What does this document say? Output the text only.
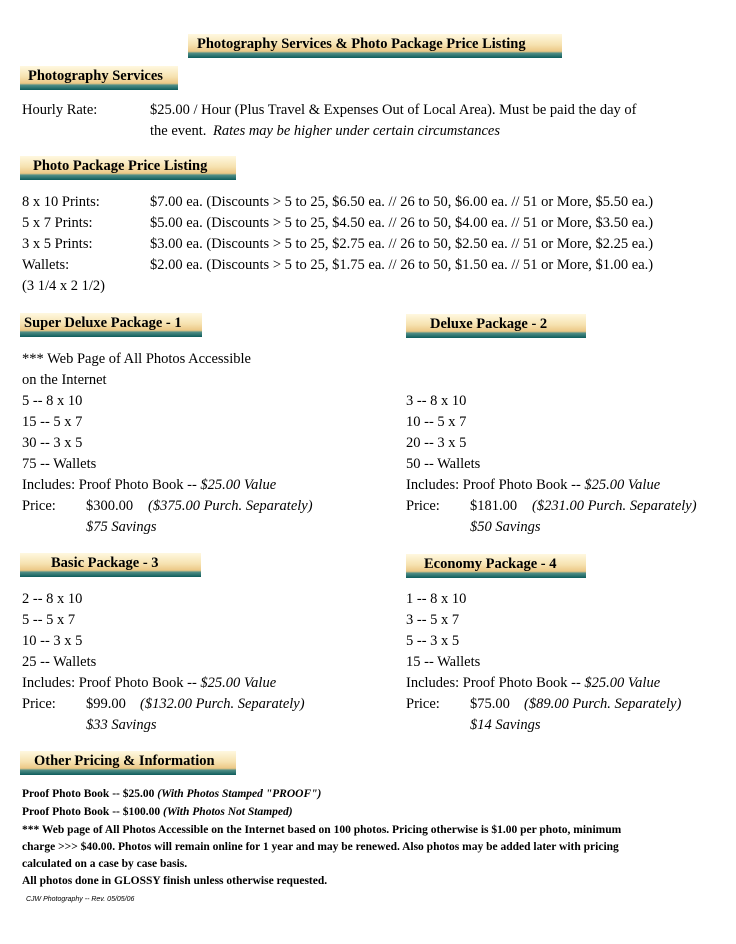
Photography Services & Photo Package Price Listing
Photography Services
Hourly Rate:	$25.00 / Hour (Plus Travel & Expenses Out of Local Area). Must be paid the day of
the event. Rates may be higher under certain circumstances
Photo Package Price Listing
8 x 10 Prints:	$7.00 ea. (Discounts > 5 to 25, $6.50 ea. // 26 to 50, $6.00 ea. // 51 or More, $5.50 ea.)
5 x 7 Prints:	$5.00 ea. (Discounts > 5 to 25, $4.50 ea. // 26 to 50, $4.00 ea. // 51 or More, $3.50 ea.)
3 x 5 Prints:	$3.00 ea. (Discounts > 5 to 25, $2.75 ea. // 26 to 50, $2.50 ea. // 51 or More, $2.25 ea.)
Wallets:	$2.00 ea. (Discounts > 5 to 25, $1.75 ea. // 26 to 50, $1.50 ea. // 51 or More, $1.00 ea.)
(3 1/4 x 2 1/2)
Super Deluxe Package - 1
*** Web Page of All Photos Accessible
on the Internet
5 -- 8 x 10
15 -- 5 x 7
30 -- 3 x 5
75 -- Wallets
Includes: Proof Photo Book -- $25.00 Value
Price: $300.00 ($375.00 Purch. Separately)
$75 Savings
Deluxe Package - 2
3 -- 8 x 10
10 -- 5 x 7
20 -- 3 x 5
50 -- Wallets
Includes: Proof Photo Book -- $25.00 Value
Price: $181.00 ($231.00 Purch. Separately)
$50 Savings
Basic Package - 3
2 -- 8 x 10
5 -- 5 x 7
10 -- 3 x 5
25 -- Wallets
Includes: Proof Photo Book -- $25.00 Value
Price: $99.00 ($132.00 Purch. Separately)
$33 Savings
Economy Package - 4
1 -- 8 x 10
3 -- 5 x 7
5 -- 3 x 5
15 -- Wallets
Includes: Proof Photo Book -- $25.00 Value
Price: $75.00 ($89.00 Purch. Separately)
$14 Savings
Other Pricing & Information
Proof Photo Book -- $25.00 (With Photos Stamped "PROOF")
Proof Photo Book -- $100.00 (With Photos Not Stamped)
*** Web page of All Photos Accessible on the Internet based on 100 photos. Pricing otherwise is $1.00 per photo, minimum
charge >>> $40.00. Photos will remain online for 1 year and may be renewed. Also photos may be added later with pricing
calculated on a case by case basis.
All photos done in GLOSSY finish unless otherwise requested.
CJW Photography -- Rev. 05/05/06
